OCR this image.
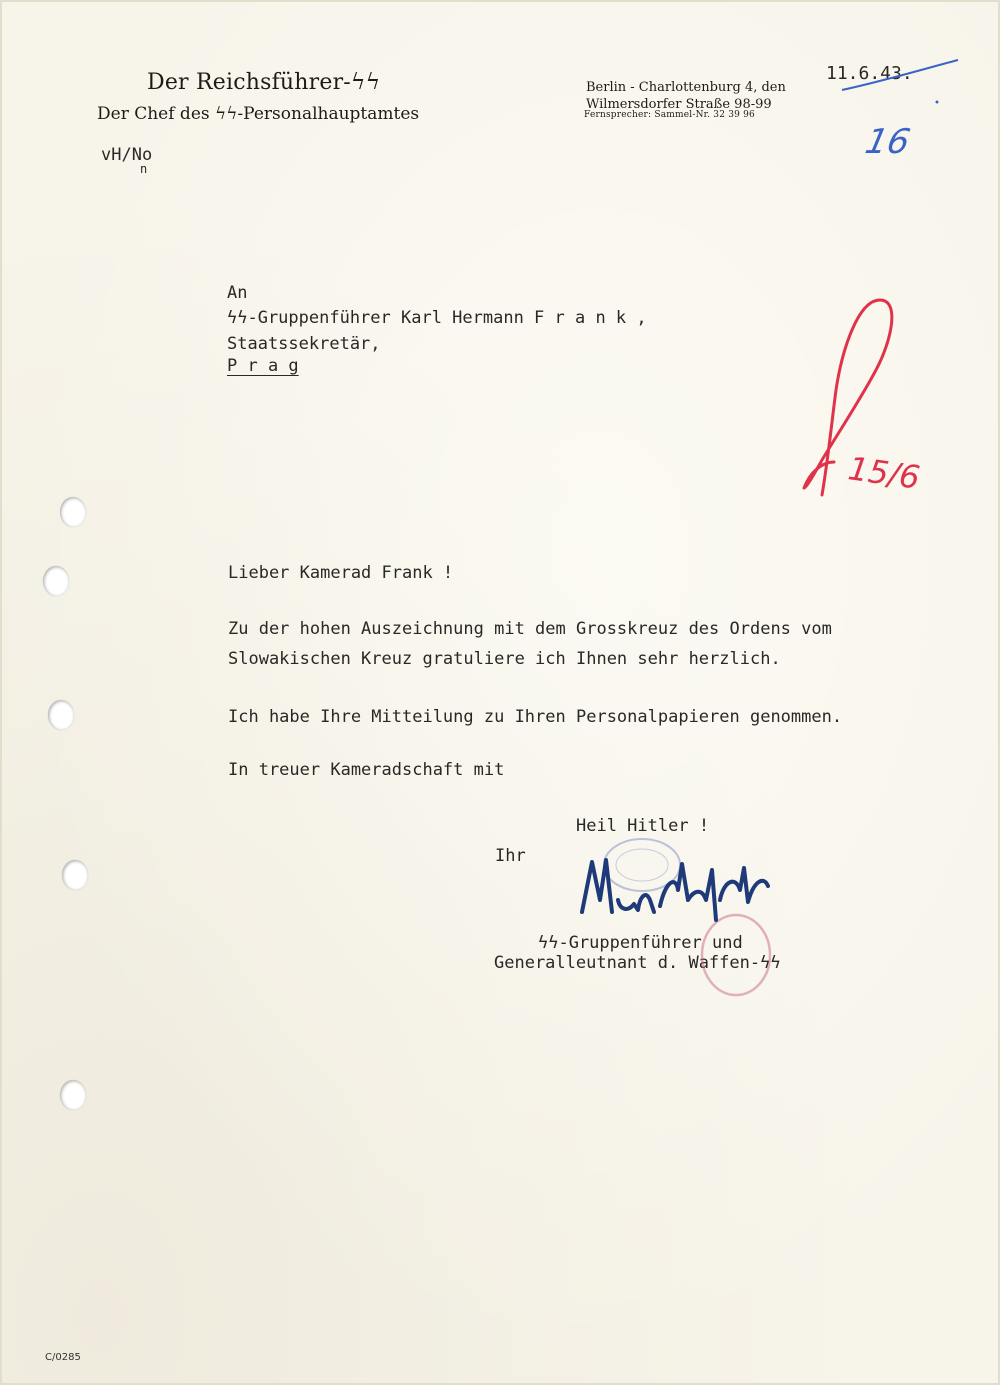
Der Reichsführer-ϟϟ
Der Chef des ϟϟ-Personalhauptamtes
Berlin - Charlottenburg 4, den
Wilmersdorfer Straße 98-99
Fernsprecher: Sammel-Nr. 32 39 96
11.6.43.
vH/No
n
An
ϟϟ-Gruppenführer Karl Hermann F r a n k ,
Staatssekretär,
P r a g
Lieber Kamerad Frank !
Zu der hohen Auszeichnung mit dem Grosskreuz des Ordens vom
Slowakischen Kreuz gratuliere ich Ihnen sehr herzlich.
Ich habe Ihre Mitteilung zu Ihren Personalpapieren genommen.
In treuer Kameradschaft mit
Heil Hitler !
Ihr
ϟϟ-Gruppenführer und
Generalleutnant d. Waffen-ϟϟ
C/0285
16
15/6
